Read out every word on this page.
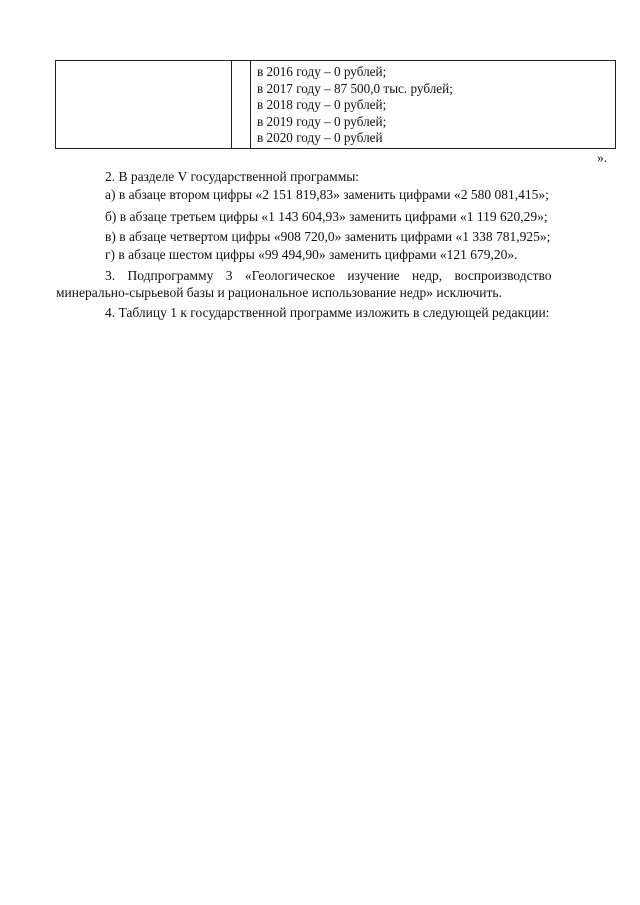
в 2016 году – 0 рублей;
в 2017 году – 87 500,0 тыс. рублей;
в 2018 году – 0 рублей;
в 2019 году – 0 рублей;
в 2020 году – 0 рублей
».
2. В разделе V государственной программы:
а) в абзаце втором цифры «2 151 819,83» заменить цифрами «2 580 081,415»;
б) в абзаце третьем цифры «1 143 604,93» заменить цифрами «1 119 620,29»;
в) в абзаце четвертом цифры «908 720,0» заменить цифрами «1 338 781,925»;
г) в абзаце шестом цифры «99 494,90» заменить цифрами «121 679,20».
3. Подпрограмму 3 «Геологическое изучение недр, воспроизводство
минерально-сырьевой базы и рациональное использование недр» исключить.
4. Таблицу 1 к государственной программе изложить в следующей редакции:
